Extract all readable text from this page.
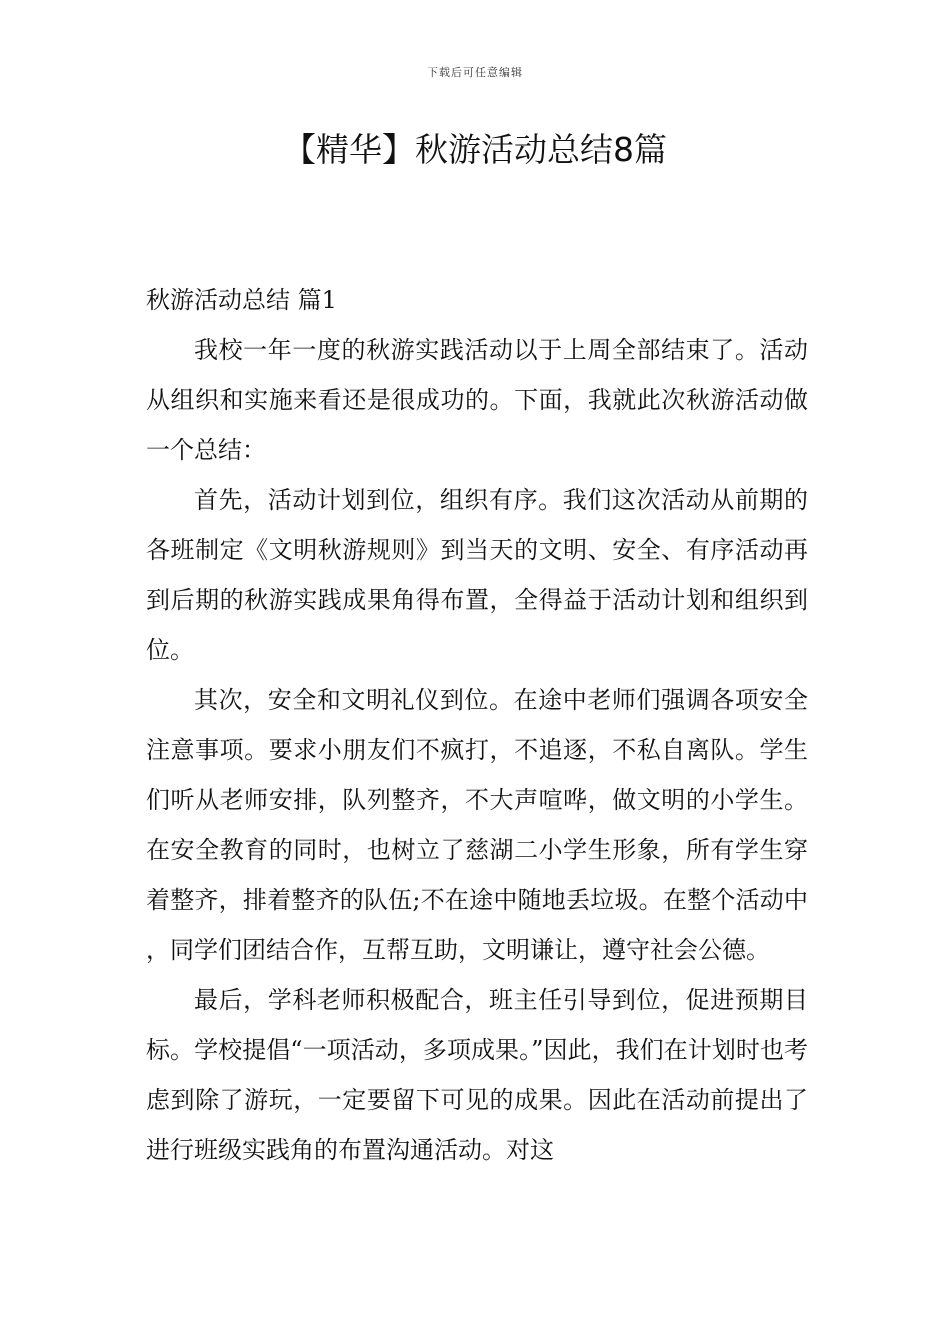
下载后可任意编辑
【精华】秋游活动总结8篇
秋游活动总结 篇1

我校一年一度的秋游实践活动以于上周全部结束了。活动从组织和实施来看还是很成功的。下面，我就此次秋游活动做一个总结：

首先，活动计划到位，组织有序。我们这次活动从前期的各班制定《文明秋游规则》到当天的文明、安全、有序活动再到后期的秋游实践成果角得布置，全得益于活动计划和组织到位。

其次，安全和文明礼仪到位。在途中老师们强调各项安全注意事项。要求小朋友们不疯打，不追逐，不私自离队。学生们听从老师安排，队列整齐，不大声喧哗，做文明的小学生。在安全教育的同时，也树立了慈湖二小学生形象，所有学生穿着整齐，排着整齐的队伍;不在途中随地丢垃圾。在整个活动中，同学们团结合作，互帮互助，文明谦让，遵守社会公德。

最后，学科老师积极配合，班主任引导到位，促进预期目标。学校提倡“一项活动，多项成果。”因此，我们在计划时也考虑到除了游玩，一定要留下可见的成果。因此在活动前提出了进行班级实践角的布置沟通活动。对这
